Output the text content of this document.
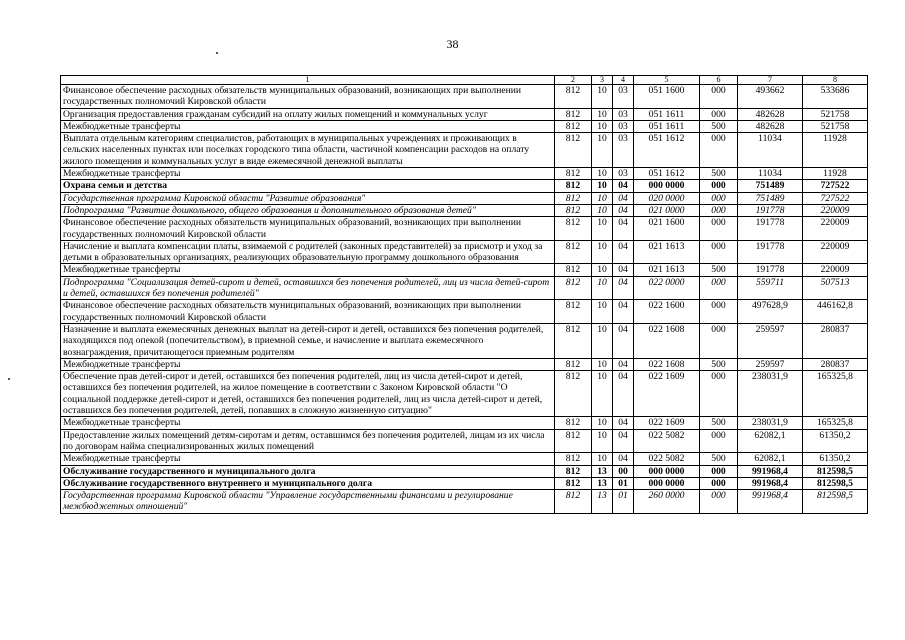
38
1	2	3	4	5	6	7	8
Финансовое обеспечение расходных обязательств муниципальных образований, возникающих при выполнении государственных полномочий Кировской области	812	10	03	051 1600	000	493662	533686
Организация предоставления гражданам субсидий на оплату жилых помещений и коммунальных услуг	812	10	03	051 1611	000	482628	521758
Межбюджетные трансферты	812	10	03	051 1611	500	482628	521758
Выплата отдельным категориям специалистов, работающих в муниципальных учреждениях и проживающих в сельских населенных пунктах или поселках городского типа области, частичной компенсации расходов на оплату жилого помещения и коммунальных услуг в виде ежемесячной денежной выплаты	812	10	03	051 1612	000	11034	11928
Межбюджетные трансферты	812	10	03	051 1612	500	11034	11928
Охрана семьи и детства	812	10	04	000 0000	000	751489	727522
Государственная программа Кировской области "Развитие образования"	812	10	04	020 0000	000	751489	727522
Подпрограмма "Развитие дошкольного, общего образования и дополнительного образования детей"	812	10	04	021 0000	000	191778	220009
Финансовое обеспечение расходных обязательств муниципальных образований, возникающих при выполнении государственных полномочий Кировской области	812	10	04	021 1600	000	191778	220009
Начисление и выплата компенсации платы, взимаемой с родителей (законных представителей) за присмотр и уход за детьми в образовательных организациях, реализующих образовательную программу дошкольного образования	812	10	04	021 1613	000	191778	220009
Межбюджетные трансферты	812	10	04	021 1613	500	191778	220009
Подпрограмма "Социализация детей-сирот и детей, оставшихся без попечения родителей, лиц из числа детей-сирот и детей, оставшихся без попечения родителей"	812	10	04	022 0000	000	559711	507513
Финансовое обеспечение расходных обязательств муниципальных образований, возникающих при выполнении государственных полномочий Кировской области	812	10	04	022 1600	000	497628,9	446162,8
Назначение и выплата ежемесячных денежных выплат на детей-сирот и детей, оставшихся без попечения родителей, находящихся под опекой (попечительством), в приемной семье, и начисление и выплата ежемесячного вознаграждения, причитающегося приемным родителям	812	10	04	022 1608	000	259597	280837
Межбюджетные трансферты	812	10	04	022 1608	500	259597	280837
Обеспечение прав детей-сирот и детей, оставшихся без попечения родителей, лиц из числа детей-сирот и детей, оставшихся без попечения родителей, на жилое помещение в соответствии с Законом Кировской области "О социальной поддержке детей-сирот и детей, оставшихся без попечения родителей, лиц из числа детей-сирот и детей, оставшихся без попечения родителей, детей, попавших в сложную жизненную ситуацию"	812	10	04	022 1609	000	238031,9	165325,8
Межбюджетные трансферты	812	10	04	022 1609	500	238031,9	165325,8
Предоставление жилых помещений детям-сиротам и детям, оставшимся без попечения родителей, лицам из их числа по договорам найма специализированных жилых помещений	812	10	04	022 5082	000	62082,1	61350,2
Межбюджетные трансферты	812	10	04	022 5082	500	62082,1	61350,2
Обслуживание государственного и муниципального долга	812	13	00	000 0000	000	991968,4	812598,5
Обслуживание государственного внутреннего и муниципального долга	812	13	01	000 0000	000	991968,4	812598,5
Государственная программа Кировской области "Управление государственными финансами и регулирование межбюджетных отношений"	812	13	01	260 0000	000	991968,4	812598,5
